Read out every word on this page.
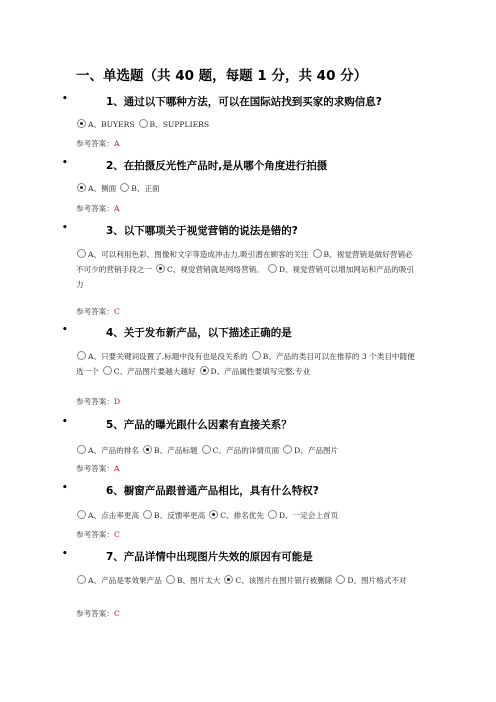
一、单选题（共 40 题，每题 1 分，共 40 分）
•	1、通过以下哪种方法，可以在国际站找到买家的求购信息?
A、BUYERS B、SUPPLIERS
参考答案：A
•	2、在拍摄反光性产品时,是从哪个角度进行拍摄
A、侧面 B、正面
参考答案：A
•	3、以下哪项关于视觉营销的说法是错的?
A、可以利用色彩、图像和文字等造成冲击力,吸引潜在顾客的关注 B、视觉营销是做好营销必不可少的营销手段之一 C、视觉营销就是网络营销。 D、视觉营销可以增加网站和产品的吸引力
参考答案：C
•	4、关于发布新产品，以下描述正确的是
A、只要关键词设置了,标题中没有也是没关系的 B、产品的类目可以在推荐的 3 个类目中随便选一个 C、产品图片要越大越好 D、产品属性要填写完整,专业
参考答案：D
•	5、产品的曝光跟什么因素有直接关系？
A、产品的排名 B、产品标题 C、产品的详情页面 D、产品图片
参考答案：A
•	6、橱窗产品跟普通产品相比，具有什么特权?
A、点击率更高 B、反馈率更高 C、排名优先 D、一定会上首页
参考答案：C
•	7、产品详情中出现图片失效的原因有可能是
A、产品是零效果产品 B、图片太大 C、该图片在图片银行被删除 D、图片格式不对
参考答案：C
